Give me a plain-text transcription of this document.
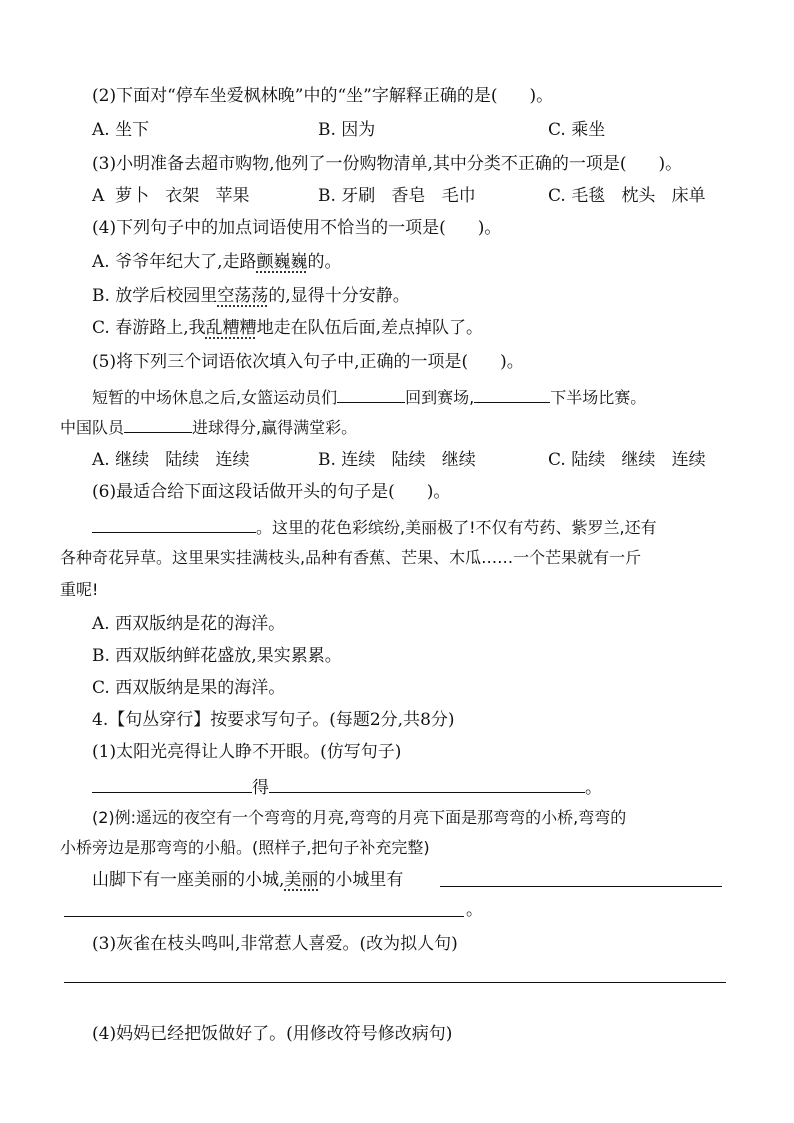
(2)下面对“停车坐爱枫林晚”中的“坐”字解释正确的是( )。
A. 坐下	B. 因为	C. 乘坐
(3)小明准备去超市购物,他列了一份购物清单,其中分类不正确的一项是( )。
A  萝卜   衣架   苹果	B. 牙刷   香皂   毛巾	C. 毛毯   枕头   床单
(4)下列句子中的加点词语使用不恰当的一项是( )。
A. 爷爷年纪大了,走路颤巍巍的。
B. 放学后校园里空荡荡的,显得十分安静。
C. 春游路上,我乱糟糟地走在队伍后面,差点掉队了。
(5)将下列三个词语依次填入句子中,正确的一项是( )。
短暂的中场休息之后,女篮运动员们	回到赛场,	下半场比赛。
中国队员	进球得分,赢得满堂彩。
A. 继续   陆续   连续	B. 连续   陆续   继续	C. 陆续   继续   连续
(6)最适合给下面这段话做开头的句子是( )。
。这里的花色彩缤纷,美丽极了!不仅有芍药、紫罗兰,还有
各种奇花异草。这里果实挂满枝头,品种有香蕉、芒果、木瓜……一个芒果就有一斤
重呢!
A. 西双版纳是花的海洋。
B. 西双版纳鲜花盛放,果实累累。
C. 西双版纳是果的海洋。
4.【句丛穿行】按要求写句子。(每题2分,共8分)
(1)太阳光亮得让人睁不开眼。(仿写句子)
得	。
(2)例:遥远的夜空有一个弯弯的月亮,弯弯的月亮下面是那弯弯的小桥,弯弯的
小桥旁边是那弯弯的小船。(照样子,把句子补充完整)
山脚下有一座美丽的小城,美丽的小城里有
。
(3)灰雀在枝头鸣叫,非常惹人喜爱。(改为拟人句)
(4)妈妈已经把饭做好了。(用修改符号修改病句)
